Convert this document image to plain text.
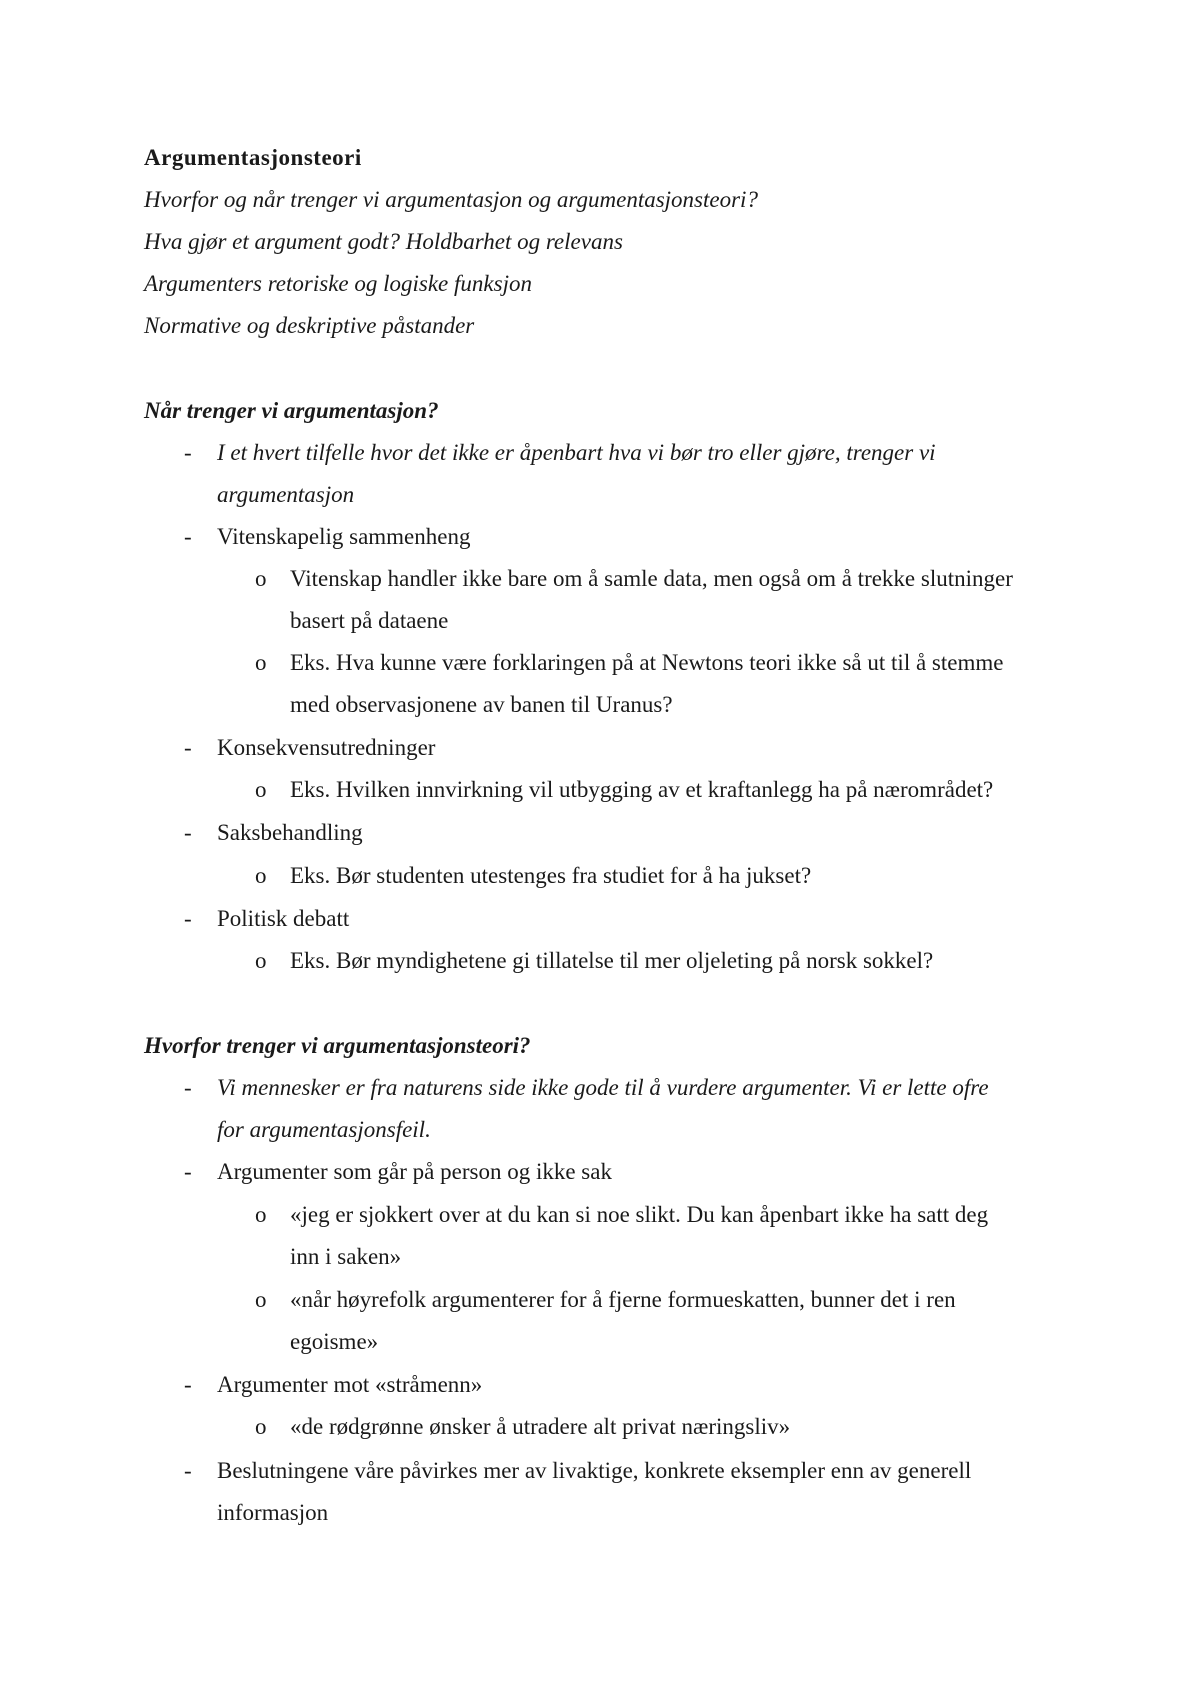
Argumentasjonsteori
Hvorfor og når trenger vi argumentasjon og argumentasjonsteori?
Hva gjør et argument godt? Holdbarhet og relevans
Argumenters retoriske og logiske funksjon
Normative og deskriptive påstander
Når trenger vi argumentasjon?
- I et hvert tilfelle hvor det ikke er åpenbart hva vi bør tro eller gjøre, trenger vi
argumentasjon
- Vitenskapelig sammenheng
o Vitenskap handler ikke bare om å samle data, men også om å trekke slutninger
basert på dataene
o Eks. Hva kunne være forklaringen på at Newtons teori ikke så ut til å stemme
med observasjonene av banen til Uranus?
- Konsekvensutredninger
o Eks. Hvilken innvirkning vil utbygging av et kraftanlegg ha på nærområdet?
- Saksbehandling
o Eks. Bør studenten utestenges fra studiet for å ha jukset?
- Politisk debatt
o Eks. Bør myndighetene gi tillatelse til mer oljeleting på norsk sokkel?
Hvorfor trenger vi argumentasjonsteori?
- Vi mennesker er fra naturens side ikke gode til å vurdere argumenter. Vi er lette ofre
for argumentasjonsfeil.
- Argumenter som går på person og ikke sak
o «jeg er sjokkert over at du kan si noe slikt. Du kan åpenbart ikke ha satt deg
inn i saken»
o «når høyrefolk argumenterer for å fjerne formueskatten, bunner det i ren
egoisme»
- Argumenter mot «stråmenn»
o «de rødgrønne ønsker å utradere alt privat næringsliv»
- Beslutningene våre påvirkes mer av livaktige, konkrete eksempler enn av generell
informasjon
